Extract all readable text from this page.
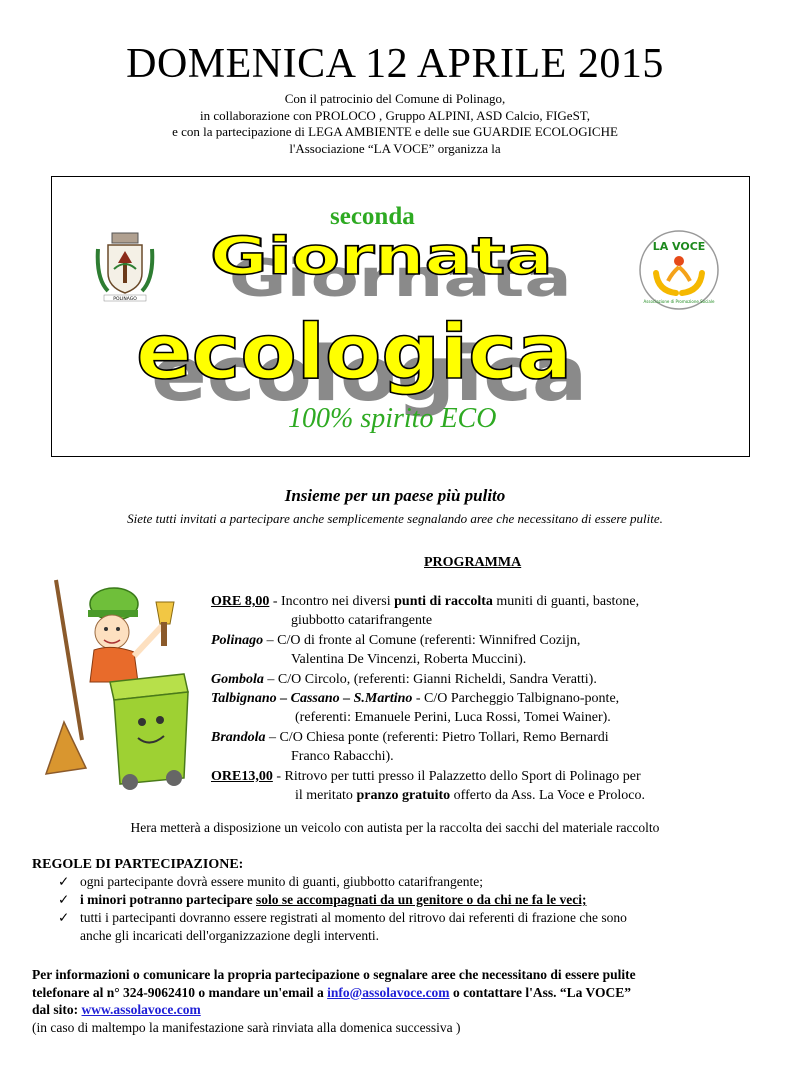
DOMENICA 12 APRILE 2015
Con il patrocinio del Comune di Polinago,
in collaborazione con PROLOCO , Gruppo ALPINI, ASD Calcio, FIGeST,
e con la partecipazione di LEGA AMBIENTE e delle sue GUARDIE ECOLOGICHE
l'Associazione “LA VOCE” organizza la
POLINAGO
seconda
Giornata
ecologica
100% spirito ECO
LA VOCE
Associazione di Promozione Sociale
Insieme per un paese più pulito
Siete tutti invitati a partecipare anche semplicemente segnalando aree che necessitano di essere pulite.
PROGRAMMA

ORE 8,00 - Incontro nei diversi punti di raccolta muniti di guanti, bastone,

giubbotto catarifrangente

Polinago – C/O di fronte al Comune (referenti: Winnifred Cozijn,

Valentina De Vincenzi, Roberta Muccini).

Gombola – C/O Circolo, (referenti: Gianni Richeldi, Sandra Veratti).

Talbignano – Cassano – S.Martino - C/O Parcheggio Talbignano-ponte,

(referenti: Emanuele Perini, Luca Rossi, Tomei Wainer).

Brandola – C/O Chiesa ponte (referenti: Pietro Tollari, Remo Bernardi

Franco Rabacchi).

ORE13,00 - Ritrovo per tutti presso il Palazzetto dello Sport di Polinago per

il meritato pranzo gratuito offerto da Ass. La Voce e Proloco.

Hera metterà a disposizione un veicolo con autista per la raccolta dei sacchi del materiale raccolto
REGOLE DI PARTECIPAZIONE:
✓ ogni partecipante dovrà essere munito di guanti, giubbotto catarifrangente;
✓ i minori potranno partecipare solo se accompagnati da un genitore o da chi ne fa le veci;
✓ tutti i partecipanti dovranno essere registrati al momento del ritrovo dai referenti di frazione che sono
anche gli incaricati dell'organizzazione degli interventi.
Per informazioni o comunicare la propria partecipazione o segnalare aree che necessitano di essere pulite
telefonare al n° 324-9062410 o mandare un'email a info@assolavoce.com o contattare l'Ass. “La VOCE”
dal sito: www.assolavoce.com
(in caso di maltempo la manifestazione sarà rinviata alla domenica successiva )
